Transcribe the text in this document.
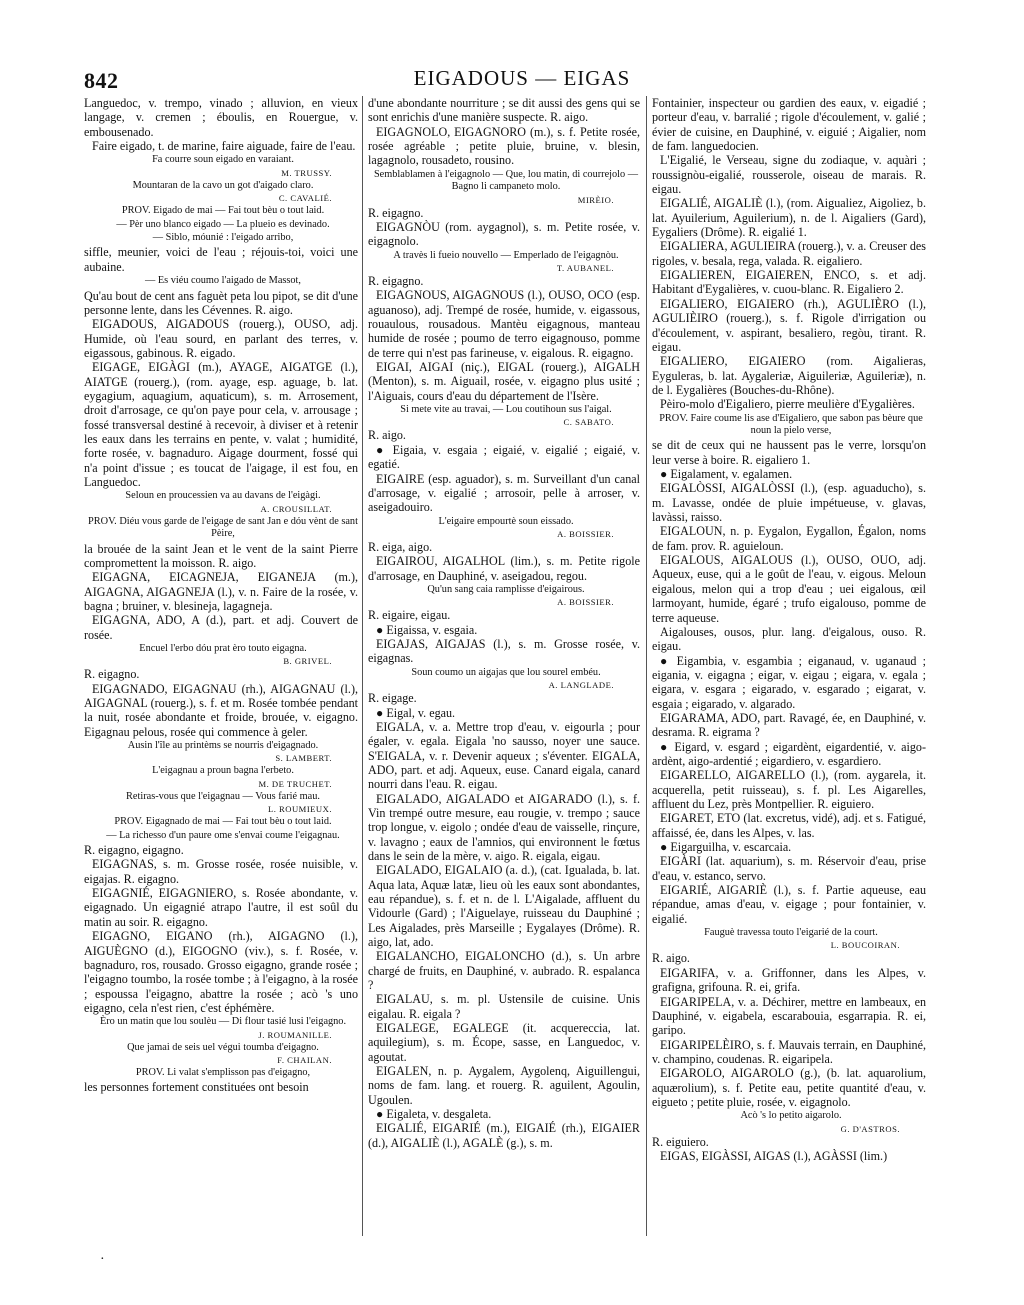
842	EIGADOUS — EIGAS
Languedoc, v. trempo, vinado ; alluvion, en vieux langage, v. cremen ; éboulis, en Rouergue, v. embousenado.
Faire eigado, t. de marine, faire aiguade, faire de l'eau.
Fa courre soun eigado en varaiant.
M. TRUSSY.
Mountaran de la cavo un got d'aigado claro.
C. CAVALIÉ.
PROV. Eigado de mai — Fai tout bèu o tout laid.
— Pèr uno blanco eigado — La plueio es devinado.
— Siblo, móunié : l'eigado arribo,
siffle, meunier, voici de l'eau ; réjouis-toi, voici une aubaine.
— Es viéu coumo l'aigado de Massot,
Qu'au bout de cent ans faguèt peta lou pipot, se dit d'une personne lente, dans les Cévennes. R. aigo.
EIGADOUS, AIGADOUS (rouerg.), OUSO, adj. Humide, où l'eau sourd, en parlant des terres, v. eigassous, gabinous. R. eigado.
EIGAGE, EIGÀGI (m.), AYAGE, AIGATGE (l.), AIATGE (rouerg.), (rom. ayage, esp. aguage, b. lat. eygagium, aquagium, aquaticum), s. m. Arrosement, droit d'arrosage, ce qu'on paye pour cela, v. arrousage ; fossé transversal destiné à recevoir, à diviser et à retenir les eaux dans les terrains en pente, v. valat ; humidité, forte rosée, v. bagnaduro. Aigage dourment, fossé qui n'a point d'issue ; es toucat de l'aigage, il est fou, en Languedoc.
Seloun en proucessien va au davans de l'eigàgi.
A. CROUSILLAT.
PROV. Diéu vous garde de l'eigage de sant Jan e dóu vènt de sant Pèire,
la brouée de la saint Jean et le vent de la saint Pierre compromettent la moisson. R. aigo.
EIGAGNA, EICAGNEJA, EIGANEJA (m.), AIGAGNA, AIGAGNEJA (l.), v. n. Faire de la rosée, v. bagna ; bruiner, v. blesineja, lagagneja.
EIGAGNA, ADO, A (d.), part. et adj. Couvert de rosée.
Encuel l'erbo dóu prat èro touto eigagna.
B. GRIVEL.
R. eigagno.
EIGAGNADO, EIGAGNAU (rh.), AIGAGNAU (l.), AIGAGNAL (rouerg.), s. f. et m. Rosée tombée pendant la nuit, rosée abondante et froide, brouée, v. eigagno. Eigagnau pelous, rosée qui commence à geler.
Ausin l'île au printèms se nourris d'eigagnado.
S. LAMBERT.
L'eigagnau a proun bagna l'erbeto.
M. DE TRUCHET.
Retiras-vous que l'eigagnau — Vous farié mau.
L. ROUMIEUX.
PROV. Eigagnado de mai — Fai tout bèu o tout laid.
— La richesso d'un paure ome s'envai coume l'eigagnau.
R. eigagno, eigagno.
EIGAGNAS, s. m. Grosse rosée, rosée nuisible, v. eigajas. R. eigagno.
EIGAGNIÉ, EIGAGNIERO, s. Rosée abondante, v. eigagnado. Un eigagnié atrapo l'autre, il est soûl du matin au soir. R. eigagno.
EIGAGNO, EIGANO (rh.), AIGAGNO (l.), AIGUÈGNO (d.), EIGOGNO (viv.), s. f. Rosée, v. bagnaduro, ros, rousado. Grosso eigagno, grande rosée ; l'eigagno toumbo, la rosée tombe ; à l'eigagno, à la rosée ; espoussa l'eigagno, abattre la rosée ; acò 's uno eigagno, cela n'est rien, c'est éphémère.
Èro un matin que lou soulèu — Di flour tasié lusi l'eigagno.
J. ROUMANILLE.
Que jamai de seis uel végui toumba d'eigagno.
F. CHAILAN.
PROV. Li valat s'emplisson pas d'eigagno,
les personnes fortement constituées ont besoin
d'une abondante nourriture ; se dit aussi des gens qui se sont enrichis d'une manière suspecte. R. aigo.
EIGAGNOLO, EIGAGNORO (m.), s. f. Petite rosée, rosée agréable ; petite pluie, bruine, v. blesin, lagagnolo, rousadeto, rousino.
Semblablamen à l'eigagnolo — Que, lou matin, di courrejolo — Bagno li campaneto molo.
MIRÈIO.
R. eigagno.
EIGAGNÒU (rom. aygagnol), s. m. Petite rosée, v. eigagnolo.
A travès li fueio nouvello — Emperlado de l'eigagnòu.
T. AUBANEL.
R. eigagno.
EIGAGNOUS, AIGAGNOUS (l.), OUSO, OCO (esp. aguanoso), adj. Trempé de rosée, humide, v. eigassous, rouaulous, rousadous. Mantèu eigagnous, manteau humide de rosée ; poumo de terro eigagnouso, pomme de terre qui n'est pas farineuse, v. eigalous. R. eigagno.
EIGAI, AIGAI (niç.), EIGAL (rouerg.), AIGALH (Menton), s. m. Aiguail, rosée, v. eigagno plus usité ; l'Aiguais, cours d'eau du département de l'Isère.
Si mete vite au travai, — Lou coutihoun sus l'aigal.
C. SABATO.
R. aigo.
● Eigaia, v. esgaia ; eigaié, v. eigalié ; eigaié, v. egatié.
EIGAIRE (esp. aguador), s. m. Surveillant d'un canal d'arrosage, v. eigalié ; arrosoir, pelle à arroser, v. aseigadouiro.
L'eigaire empourtè soun eissado.
A. BOISSIER.
R. eiga, aigo.
EIGAIROU, AIGALHOL (lim.), s. m. Petite rigole d'arrosage, en Dauphiné, v. aseigadou, regou.
Qu'un sang caia ramplisse d'eigairous.
A. BOISSIER.
R. eigaire, eigau.
● Eigaissa, v. esgaia.
EIGAJAS, AIGAJAS (l.), s. m. Grosse rosée, v. eigagnas.
Soun coumo un aigajas que lou sourel embéu.
A. LANGLADE.
R. eigage.
● Eigal, v. egau.
EIGALA, v. a. Mettre trop d'eau, v. eigourla ; pour égaler, v. egala. Eigala 'no sausso, noyer une sauce. S'EIGALA, v. r. Devenir aqueux ; s'éventer. EIGALA, ADO, part. et adj. Aqueux, euse. Canard eigala, canard nourri dans l'eau. R. eigau.
EIGALADO, AIGALADO et AIGARADO (l.), s. f. Vin trempé outre mesure, eau rougie, v. trempo ; sauce trop longue, v. eigolo ; ondée d'eau de vaisselle, rinçure, v. lavagno ; eaux de l'amnios, qui environnent le fœtus dans le sein de la mère, v. aigo. R. eigala, eigau.
EIGALADO, EIGALAIO (a. d.), (cat. Igualada, b. lat. Aqua lata, Aquæ latæ, lieu où les eaux sont abondantes, eau répandue), s. f. et n. de l. L'Aigalade, affluent du Vidourle (Gard) ; l'Aiguelaye, ruisseau du Dauphiné ; Les Aigalades, près Marseille ; Eygalayes (Drôme). R. aigo, lat, ado.
EIGALANCHO, EIGALONCHO (d.), s. Un arbre chargé de fruits, en Dauphiné, v. aubrado. R. espalanca ?
EIGALAU, s. m. pl. Ustensile de cuisine. Unis eigalau. R. eigala ?
EIGALEGE, EGALEGE (it. acquereccia, lat. aquilegium), s. m. Écope, sasse, en Languedoc, v. agoutat.
EIGALEN, n. p. Aygalem, Aygolenq, Aiguillengui, noms de fam. lang. et rouerg. R. aguilent, Agoulin, Ugoulen.
● Eigaleta, v. desgaleta.
EIGALIÉ, EIGARIÉ (m.), EIGAIÉ (rh.), EIGAIER (d.), AIGALIÈ (l.), AGALÈ (g.), s. m.
Fontainier, inspecteur ou gardien des eaux, v. eigadié ; porteur d'eau, v. barralié ; rigole d'écoulement, v. galié ; évier de cuisine, en Dauphiné, v. eiguié ; Aigalier, nom de fam. languedocien.
L'Eigalié, le Verseau, signe du zodiaque, v. aquàri ; roussignòu-eigalié, rousserole, oiseau de marais. R. eigau.
EIGALIÉ, AIGALIÈ (l.), (rom. Aigualiez, Aigoliez, b. lat. Ayuilerium, Aguilerium), n. de l. Aigaliers (Gard), Eygaliers (Drôme). R. eigalié 1.
EIGALIERA, AGULIEIRA (rouerg.), v. a. Creuser des rigoles, v. besala, rega, valada. R. eigaliero.
EIGALIEREN, EIGAIEREN, ENCO, s. et adj. Habitant d'Eygalières, v. cuou-blanc. R. Eigaliero 2.
EIGALIERO, EIGAIERO (rh.), AGULIÈRO (l.), AGULIÈIRO (rouerg.), s. f. Rigole d'irrigation ou d'écoulement, v. aspirant, besaliero, regòu, tirant. R. eigau.
EIGALIERO, EIGAIERO (rom. Aigalieras, Eyguleras, b. lat. Aygaleriæ, Aiguileriæ, Aguileriæ), n. de l. Eygalières (Bouches-du-Rhône).
Pèiro-molo d'Eigaliero, pierre meulière d'Eygalières.
PROV. Faire coume lis ase d'Eigaliero, que sabon pas bèure que noun la pielo verse,
se dit de ceux qui ne haussent pas le verre, lorsqu'on leur verse à boire. R. eigaliero 1.
● Eigalament, v. egalamen.
EIGALÒSSI, AIGALÒSSI (l.), (esp. aguaducho), s. m. Lavasse, ondée de pluie impétueuse, v. glavas, lavàssi, raisso.
EIGALOUN, n. p. Eygalon, Eygallon, Égalon, noms de fam. prov. R. aguieloun.
EIGALOUS, AIGALOUS (l.), OUSO, OUO, adj. Aqueux, euse, qui a le goût de l'eau, v. eigous. Meloun eigalous, melon qui a trop d'eau ; uei eigalous, œil larmoyant, humide, égaré ; trufo eigalouso, pomme de terre aqueuse.
Aigalouses, ousos, plur. lang. d'eigalous, ouso. R. eigau.
● Eigambia, v. esgambia ; eiganaud, v. uganaud ; eigania, v. eigagna ; eigar, v. eigau ; eigara, v. egala ; eigara, v. esgara ; eigarado, v. esgarado ; eigarat, v. esgaia ; eigarado, v. algarado.
EIGARAMA, ADO, part. Ravagé, ée, en Dauphiné, v. desrama. R. eigrama ?
● Eigard, v. esgard ; eigardènt, eigardentié, v. aigo-ardènt, aigo-ardentié ; eigardiero, v. esgardiero.
EIGARELLO, AIGARELLO (l.), (rom. aygarela, it. acquerella, petit ruisseau), s. f. pl. Les Aigarelles, affluent du Lez, près Montpellier. R. eiguiero.
EIGARET, ETO (lat. excretus, vidé), adj. et s. Fatigué, affaissé, ée, dans les Alpes, v. las.
● Eigarguilha, v. escarcaia.
EIGÀRI (lat. aquarium), s. m. Réservoir d'eau, prise d'eau, v. estanco, servo.
EIGARIÉ, AIGARIÈ (l.), s. f. Partie aqueuse, eau répandue, amas d'eau, v. eigage ; pour fontainier, v. eigalié.
Fauguè travessa touto l'eigarié de la court.
L. BOUCOIRAN.
R. aigo.
EIGARIFA, v. a. Griffonner, dans les Alpes, v. grafigna, grifouna. R. ei, grifa.
EIGARIPELA, v. a. Déchirer, mettre en lambeaux, en Dauphiné, v. eigabela, escarabouia, esgarrapia. R. ei, garipo.
EIGARIPELÈIRO, s. f. Mauvais terrain, en Dauphiné, v. champino, coudenas. R. eigaripela.
EIGAROLO, AIGAROLO (g.), (b. lat. aquarolium, aquærolium), s. f. Petite eau, petite quantité d'eau, v. eigueto ; petite pluie, rosée, v. eigagnolo.
Acò 's lo petito aigarolo.
G. D'ASTROS.
R. eiguiero.
EIGAS, EIGÀSSI, AIGAS (l.), AGÀSSI (lim.)
·
